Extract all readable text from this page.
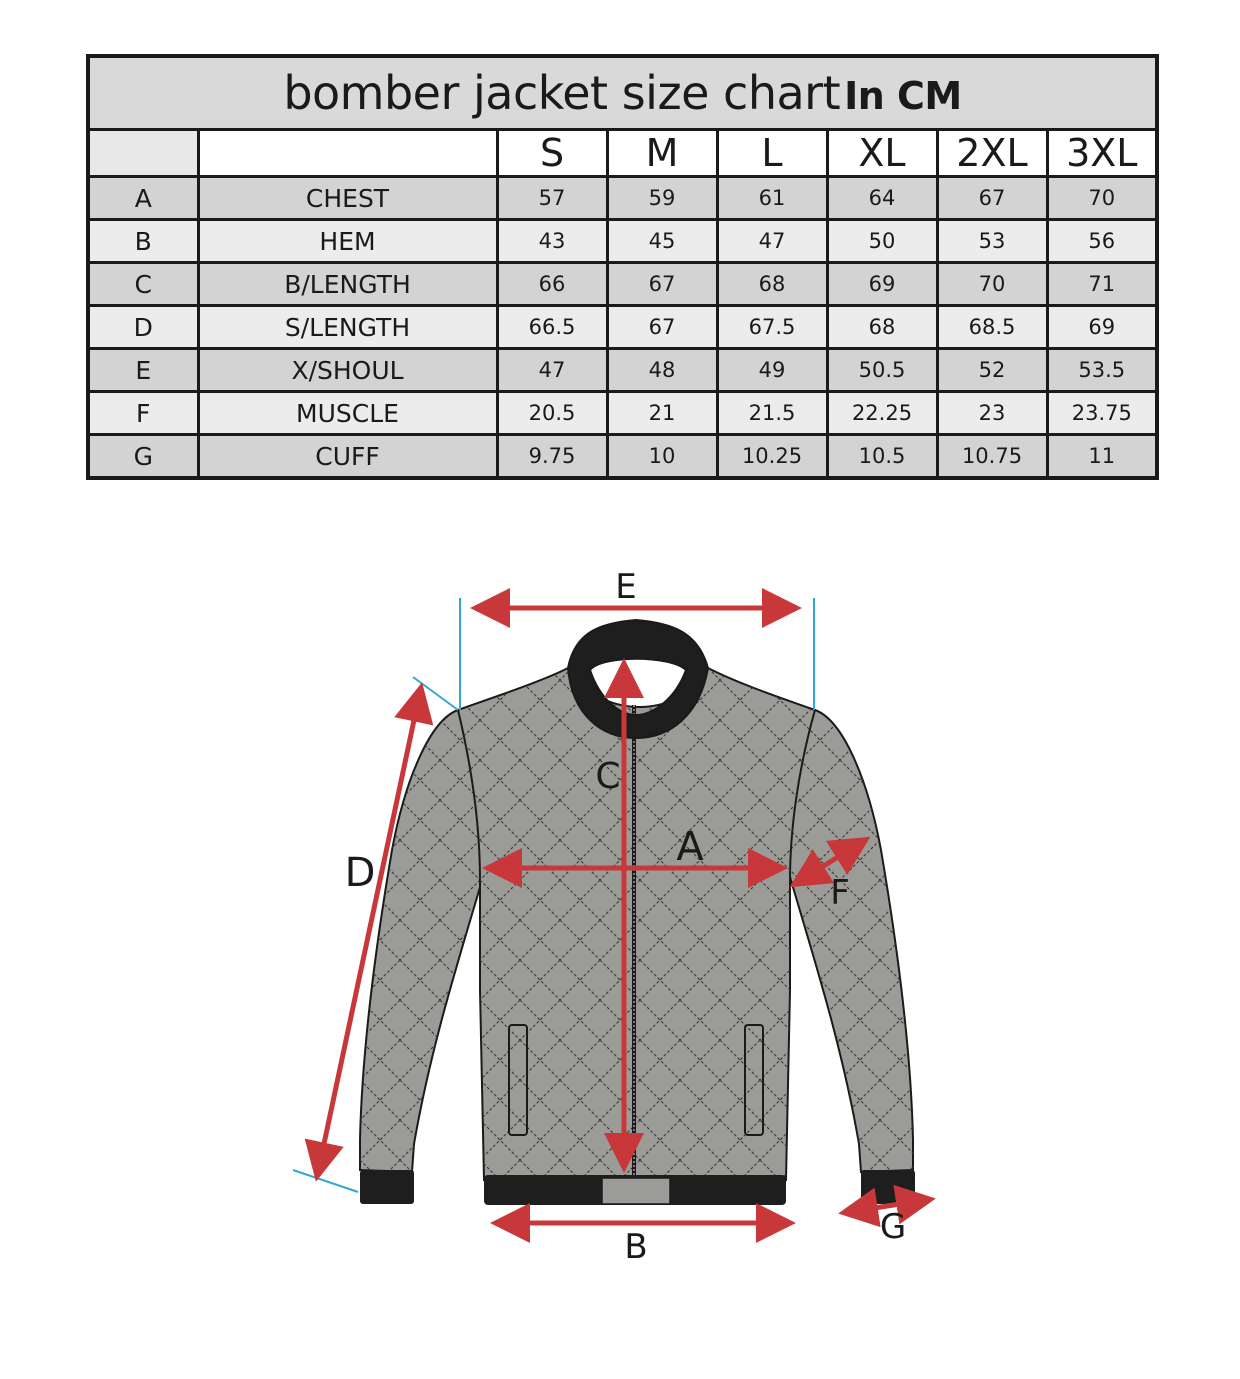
bomber jacket size chart In CM							
		S	M	L	XL	2XL	3XL
A	CHEST	57	59	61	64	67	70
B	HEM	43	45	47	50	53	56
C	B/LENGTH	66	67	68	69	70	71
D	S/LENGTH	66.5	67	67.5	68	68.5	69
E	X/SHOUL	47	48	49	50.5	52	53.5
F	MUSCLE	20.5	21	21.5	22.25	23	23.75
G	CUFF	9.75	10	10.25	10.5	10.75	11
E
C
A
D	F
B	G
